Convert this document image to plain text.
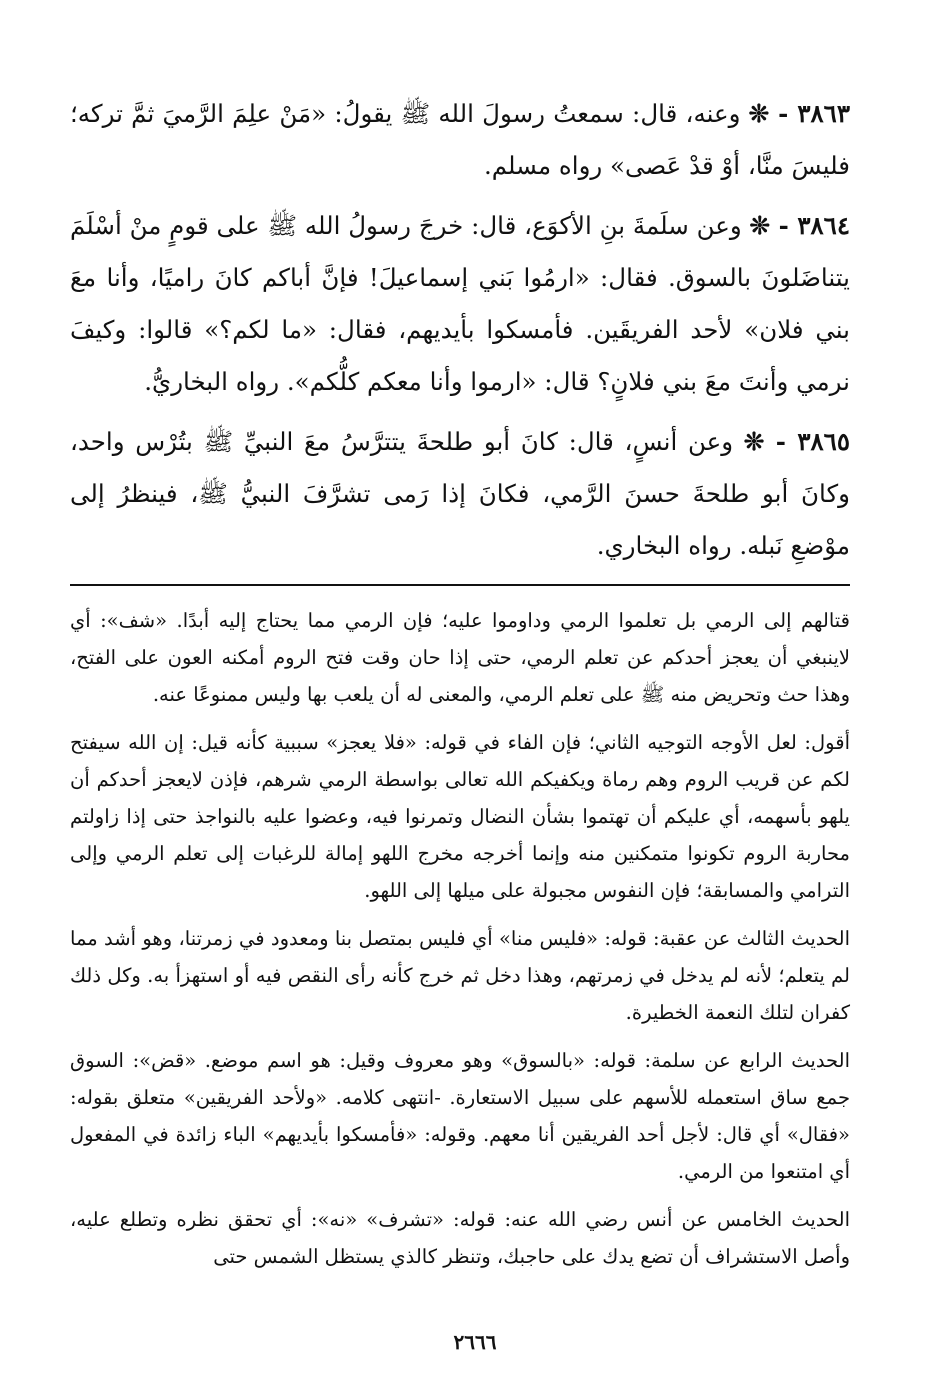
٣٨٦٣ - ❊ وعنه، قال: سمعتُ رسولَ الله ﷺ يقولُ: «مَنْ علِمَ الرَّميَ ثمَّ تركه؛ فليسَ منَّا، أوْ قدْ عَصى» رواه مسلم.

٣٨٦٤ - ❊ وعن سلَمةَ بنِ الأكوَع، قال: خرجَ رسولُ الله ﷺ على قومٍ منْ أسْلَمَ يتناضَلونَ بالسوق. فقال: «ارمُوا بَني إسماعيلَ! فإنَّ أباكم كانَ راميًا، وأنا معَ بني فلان» لأحد الفريقَين. فأمسكوا بأيديهم، فقال: «ما لكم؟» قالوا: وكيفَ نرمي وأنتَ معَ بني فلانٍ؟ قال: «ارموا وأنا معكم كلُّكم». رواه البخاريُّ.

٣٨٦٥ - ❊ وعن أنسٍ، قال: كانَ أبو طلحةَ يتترَّسُ معَ النبيِّ ﷺ بتُرْس واحد، وكانَ أبو طلحةَ حسنَ الرَّمي، فكانَ إذا رَمى تشرَّفَ النبيُّ ﷺ، فينظرُ إلى موْضعِ نَبله. رواه البخاري.

قتالهم إلى الرمي بل تعلموا الرمي وداوموا عليه؛ فإن الرمي مما يحتاج إليه أبدًا. «شف»: أي لاينبغي أن يعجز أحدكم عن تعلم الرمي، حتى إذا حان وقت فتح الروم أمكنه العون على الفتح، وهذا حث وتحريض منه ﷺ على تعلم الرمي، والمعنى له أن يلعب بها وليس ممنوعًا عنه.

أقول: لعل الأوجه التوجيه الثاني؛ فإن الفاء في قوله: «فلا يعجز» سببية كأنه قيل: إن الله سيفتح لكم عن قريب الروم وهم رماة ويكفيكم الله تعالى بواسطة الرمي شرهم، فإذن لايعجز أحدكم أن يلهو بأسهمه، أي عليكم أن تهتموا بشأن النضال وتمرنوا فيه، وعضوا عليه بالنواجذ حتى إذا زاولتم محاربة الروم تكونوا متمكنين منه وإنما أخرجه مخرج اللهو إمالة للرغبات إلى تعلم الرمي وإلى الترامي والمسابقة؛ فإن النفوس مجبولة على ميلها إلى اللهو.

الحديث الثالث عن عقبة: قوله: «فليس منا» أي فليس بمتصل بنا ومعدود في زمرتنا، وهو أشد مما لم يتعلم؛ لأنه لم يدخل في زمرتهم، وهذا دخل ثم خرج كأنه رأى النقص فيه أو استهزأ به. وكل ذلك كفران لتلك النعمة الخطيرة.

الحديث الرابع عن سلمة: قوله: «بالسوق» وهو معروف وقيل: هو اسم موضع. «قض»: السوق جمع ساق استعمله للأسهم على سبيل الاستعارة. -انتهى كلامه. «ولأحد الفريقين» متعلق بقوله: «فقال» أي قال: لأجل أحد الفريقين أنا معهم. وقوله: «فأمسكوا بأيديهم» الباء زائدة في المفعول أي امتنعوا من الرمي.

الحديث الخامس عن أنس رضي الله عنه: قوله: «تشرف» «نه»: أي تحقق نظره وتطلع عليه، وأصل الاستشراف أن تضع يدك على حاجبك، وتنظر كالذي يستظل الشمس حتى

٢٦٦٦
